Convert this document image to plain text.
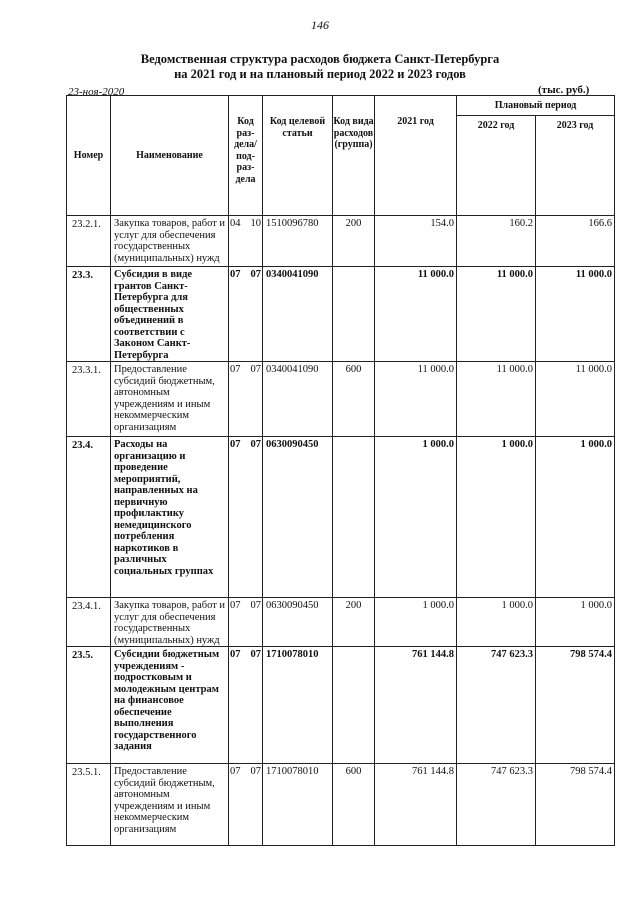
146
Ведомственная структура расходов бюджета Санкт-Петербурга
на 2021 год и на плановый период 2022 и 2023 годов
23-ноя-2020	(тыс. руб.)
Номер	Наименование	Код раз-дела/ под-раз-дела		Код целевой статьи	Код вида расходов (группа)	2021 год	Плановый период	
							2022 год	2023 год
23.2.1.	Закупка товаров, работ и услуг для обеспечения государственных (муниципальных) нужд	04	10	1510096780	200	154.0	160.2	166.6
23.3.	Субсидия в виде грантов Санкт-Петербурга для общественных объединений в соответствии с Законом Санкт-Петербурга	07	07	0340041090		11 000.0	11 000.0	11 000.0
23.3.1.	Предоставление субсидий бюджетным, автономным учреждениям и иным некоммерческим организациям	07	07	0340041090	600	11 000.0	11 000.0	11 000.0
23.4.	Расходы на организацию и проведение мероприятий, направленных на первичную профилактику немедицинского потребления наркотиков в различных социальных группах	07	07	0630090450		1 000.0	1 000.0	1 000.0
23.4.1.	Закупка товаров, работ и услуг для обеспечения государственных (муниципальных) нужд	07	07	0630090450	200	1 000.0	1 000.0	1 000.0
23.5.	Субсидии бюджетным учреждениям - подростковым и молодежным центрам на финансовое обеспечение выполнения государственного задания	07	07	1710078010		761 144.8	747 623.3	798 574.4
23.5.1.	Предоставление субсидий бюджетным, автономным учреждениям и иным некоммерческим организациям	07	07	1710078010	600	761 144.8	747 623.3	798 574.4
